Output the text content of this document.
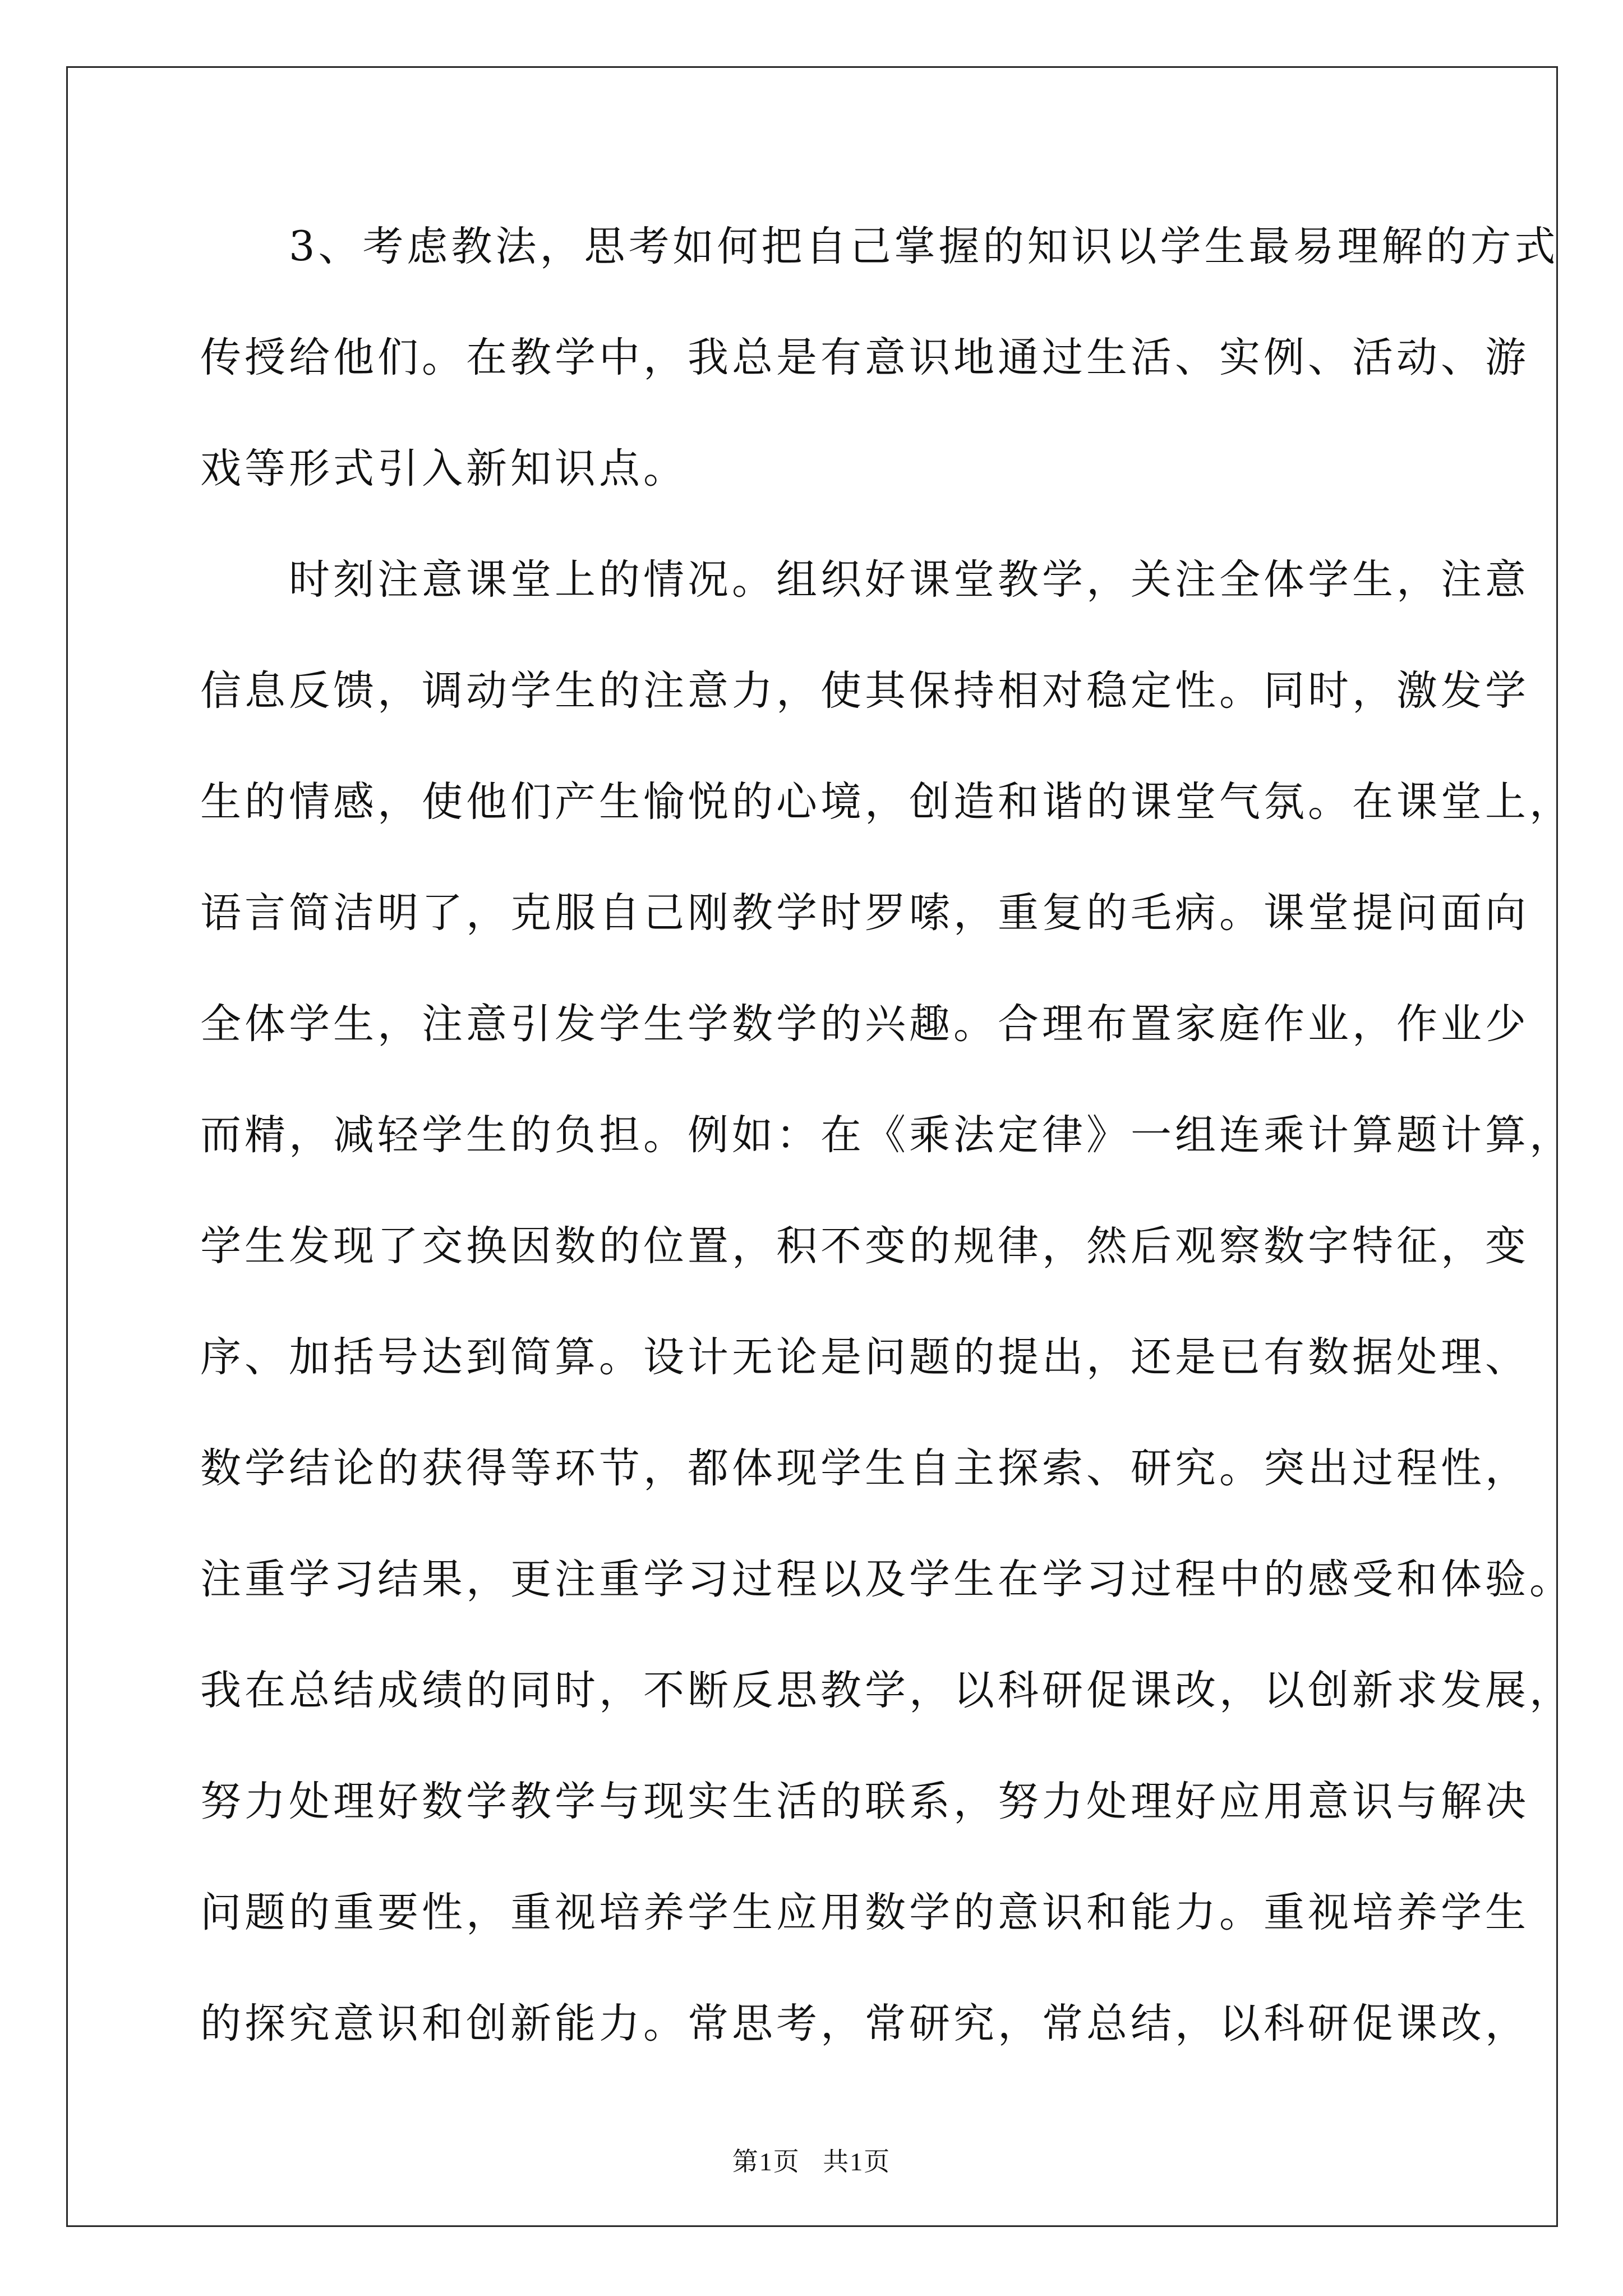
　　3、考虑教法，思考如何把自己掌握的知识以学生最易理解的方式
传授给他们。在教学中，我总是有意识地通过生活、实例、活动、游
戏等形式引入新知识点。
　　时刻注意课堂上的情况。组织好课堂教学，关注全体学生，注意
信息反馈，调动学生的注意力，使其保持相对稳定性。同时，激发学
生的情感，使他们产生愉悦的心境，创造和谐的课堂气氛。在课堂上，
语言简洁明了，克服自己刚教学时罗嗦，重复的毛病。课堂提问面向
全体学生，注意引发学生学数学的兴趣。合理布置家庭作业，作业少
而精，减轻学生的负担。例如：在《乘法定律》一组连乘计算题计算，
学生发现了交换因数的位置，积不变的规律，然后观察数字特征，变
序、加括号达到简算。设计无论是问题的提出，还是已有数据处理、
数学结论的获得等环节，都体现学生自主探索、研究。突出过程性，
注重学习结果，更注重学习过程以及学生在学习过程中的感受和体验。
我在总结成绩的同时，不断反思教学，以科研促课改，以创新求发展，
努力处理好数学教学与现实生活的联系，努力处理好应用意识与解决
问题的重要性，重视培养学生应用数学的意识和能力。重视培养学生
的探究意识和创新能力。常思考，常研究，常总结，以科研促课改，
第1页 共1页
